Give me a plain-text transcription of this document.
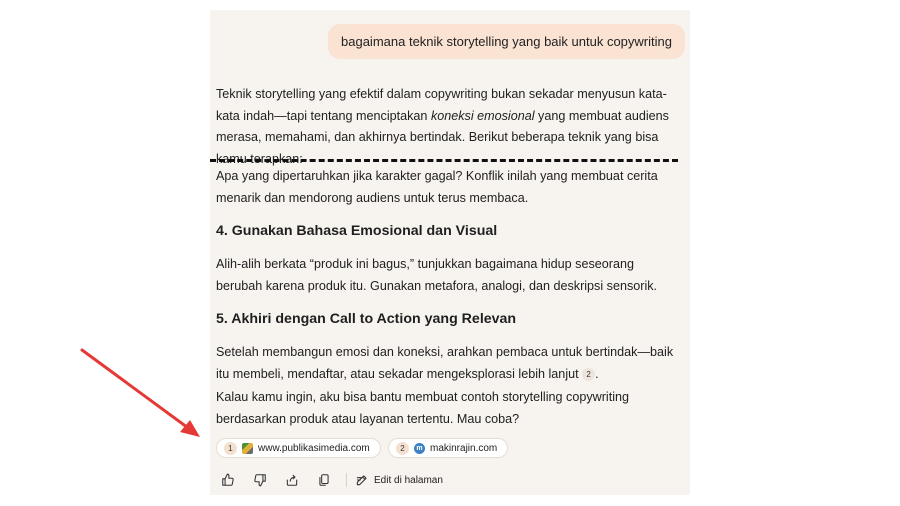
bagaimana teknik storytelling yang baik untuk copywriting

Teknik storytelling yang efektif dalam copywriting bukan sekadar menyusun kata-kata indah—tapi tentang menciptakan koneksi emosional yang membuat audiens merasa, memahami, dan akhirnya bertindak. Berikut beberapa teknik yang bisa kamu terapkan:

Apa yang dipertaruhkan jika karakter gagal? Konflik inilah yang membuat cerita menarik dan mendorong audiens untuk terus membaca.

4. Gunakan Bahasa Emosional dan Visual

Alih-alih berkata “produk ini bagus,” tunjukkan bagaimana hidup seseorang berubah karena produk itu. Gunakan metafora, analogi, dan deskripsi sensorik.

5. Akhiri dengan Call to Action yang Relevan

Setelah membangun emosi dan koneksi, arahkan pembaca untuk bertindak—baik itu membeli, mendaftar, atau sekadar mengeksplorasi lebih lanjut 2 .

Kalau kamu ingin, aku bisa bantu membuat contoh storytelling copywriting berdasarkan produk atau layanan tertentu. Mau coba?

1	www.publikasimedia.com	2	m makinrajin.com
Edit di halaman
